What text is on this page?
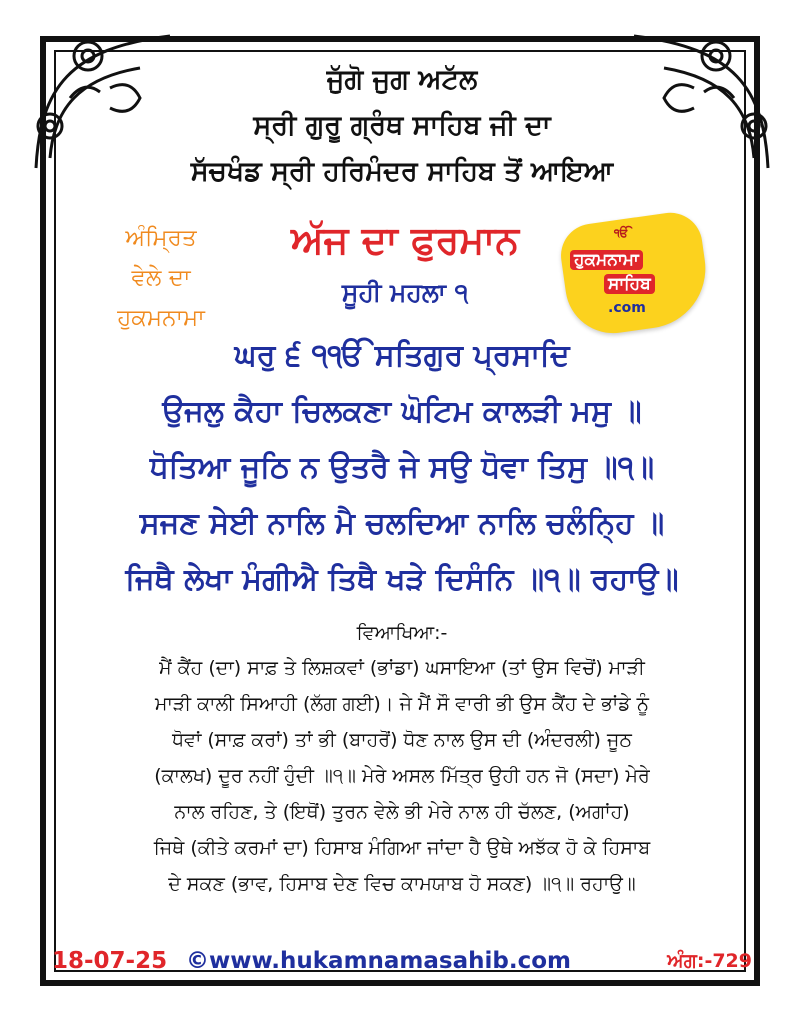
ਜੁੱਗੋ ਜੁਗ ਅਟੱਲ
ਸ੍ਰੀ ਗੁਰੂ ਗ੍ਰੰਥ ਸਾਹਿਬ ਜੀ ਦਾ
ਸੱਚਖੰਡ ਸ੍ਰੀ ਹਰਿਮੰਦਰ ਸਾਹਿਬ ਤੋਂ ਆਇਆ
ਅੰਮ੍ਰਿਤ
ਵੇਲੇ ਦਾ
ਹੁਕਮਨਾਮਾ
ਅੱਜ ਦਾ ਫੁਰਮਾਨ
ਸੂਹੀ ਮਹਲਾ ੧
ੴ
ਹੁਕਮਨਾਮਾ
ਸਾਹਿਬ
.com
ਘਰੁ ੬ ੧ੴ ਸਤਿਗੁਰ ਪ੍ਰਸਾਦਿ
ਉਜਲੁ ਕੈਹਾ ਚਿਲਕਣਾ ਘੋਟਿਮ ਕਾਲੜੀ ਮਸੁ ॥
ਧੋਤਿਆ ਜੂਠਿ ਨ ਉਤਰੈ ਜੇ ਸਉ ਧੋਵਾ ਤਿਸੁ ॥੧॥
ਸਜਣ ਸੇਈ ਨਾਲਿ ਮੈ ਚਲਦਿਆ ਨਾਲਿ ਚਲੰਨ੍ਹਿ ॥
ਜਿਥੈ ਲੇਖਾ ਮੰਗੀਐ ਤਿਥੈ ਖੜੇ ਦਿਸੰਨਿ ॥੧॥ ਰਹਾਉ॥
ਵਿਆਖਿਆ:-
ਮੈਂ ਕੈਂਹ (ਦਾ) ਸਾਫ਼ ਤੇ ਲਿਸ਼ਕਵਾਂ (ਭਾਂਡਾ) ਘਸਾਇਆ (ਤਾਂ ਉਸ ਵਿਚੋਂ) ਮਾੜੀ
ਮਾੜੀ ਕਾਲੀ ਸਿਆਹੀ (ਲੱਗ ਗਈ)। ਜੇ ਮੈਂ ਸੌ ਵਾਰੀ ਭੀ ਉਸ ਕੈਂਹ ਦੇ ਭਾਂਡੇ ਨੂੰ
ਧੋਵਾਂ (ਸਾਫ਼ ਕਰਾਂ) ਤਾਂ ਭੀ (ਬਾਹਰੋਂ) ਧੋਣ ਨਾਲ ਉਸ ਦੀ (ਅੰਦਰਲੀ) ਜੂਠ
(ਕਾਲਖ) ਦੂਰ ਨਹੀਂ ਹੁੰਦੀ ॥੧॥ ਮੇਰੇ ਅਸਲ ਮਿੱਤ੍ਰ ਉਹੀ ਹਨ ਜੋ (ਸਦਾ) ਮੇਰੇ
ਨਾਲ ਰਹਿਣ, ਤੇ (ਇਥੋਂ) ਤੁਰਨ ਵੇਲੇ ਭੀ ਮੇਰੇ ਨਾਲ ਹੀ ਚੱਲਣ, (ਅਗਾਂਹ)
ਜਿਥੇ (ਕੀਤੇ ਕਰਮਾਂ ਦਾ) ਹਿਸਾਬ ਮੰਗਿਆ ਜਾਂਦਾ ਹੈ ਉਥੇ ਅਝੱਕ ਹੋ ਕੇ ਹਿਸਾਬ
ਦੇ ਸਕਣ (ਭਾਵ, ਹਿਸਾਬ ਦੇਣ ਵਿਚ ਕਾਮਯਾਬ ਹੋ ਸਕਣ) ॥੧॥ ਰਹਾਉ॥
18-07-25 ©www.hukamnamasahib.com	ਅੰਗ:-729
